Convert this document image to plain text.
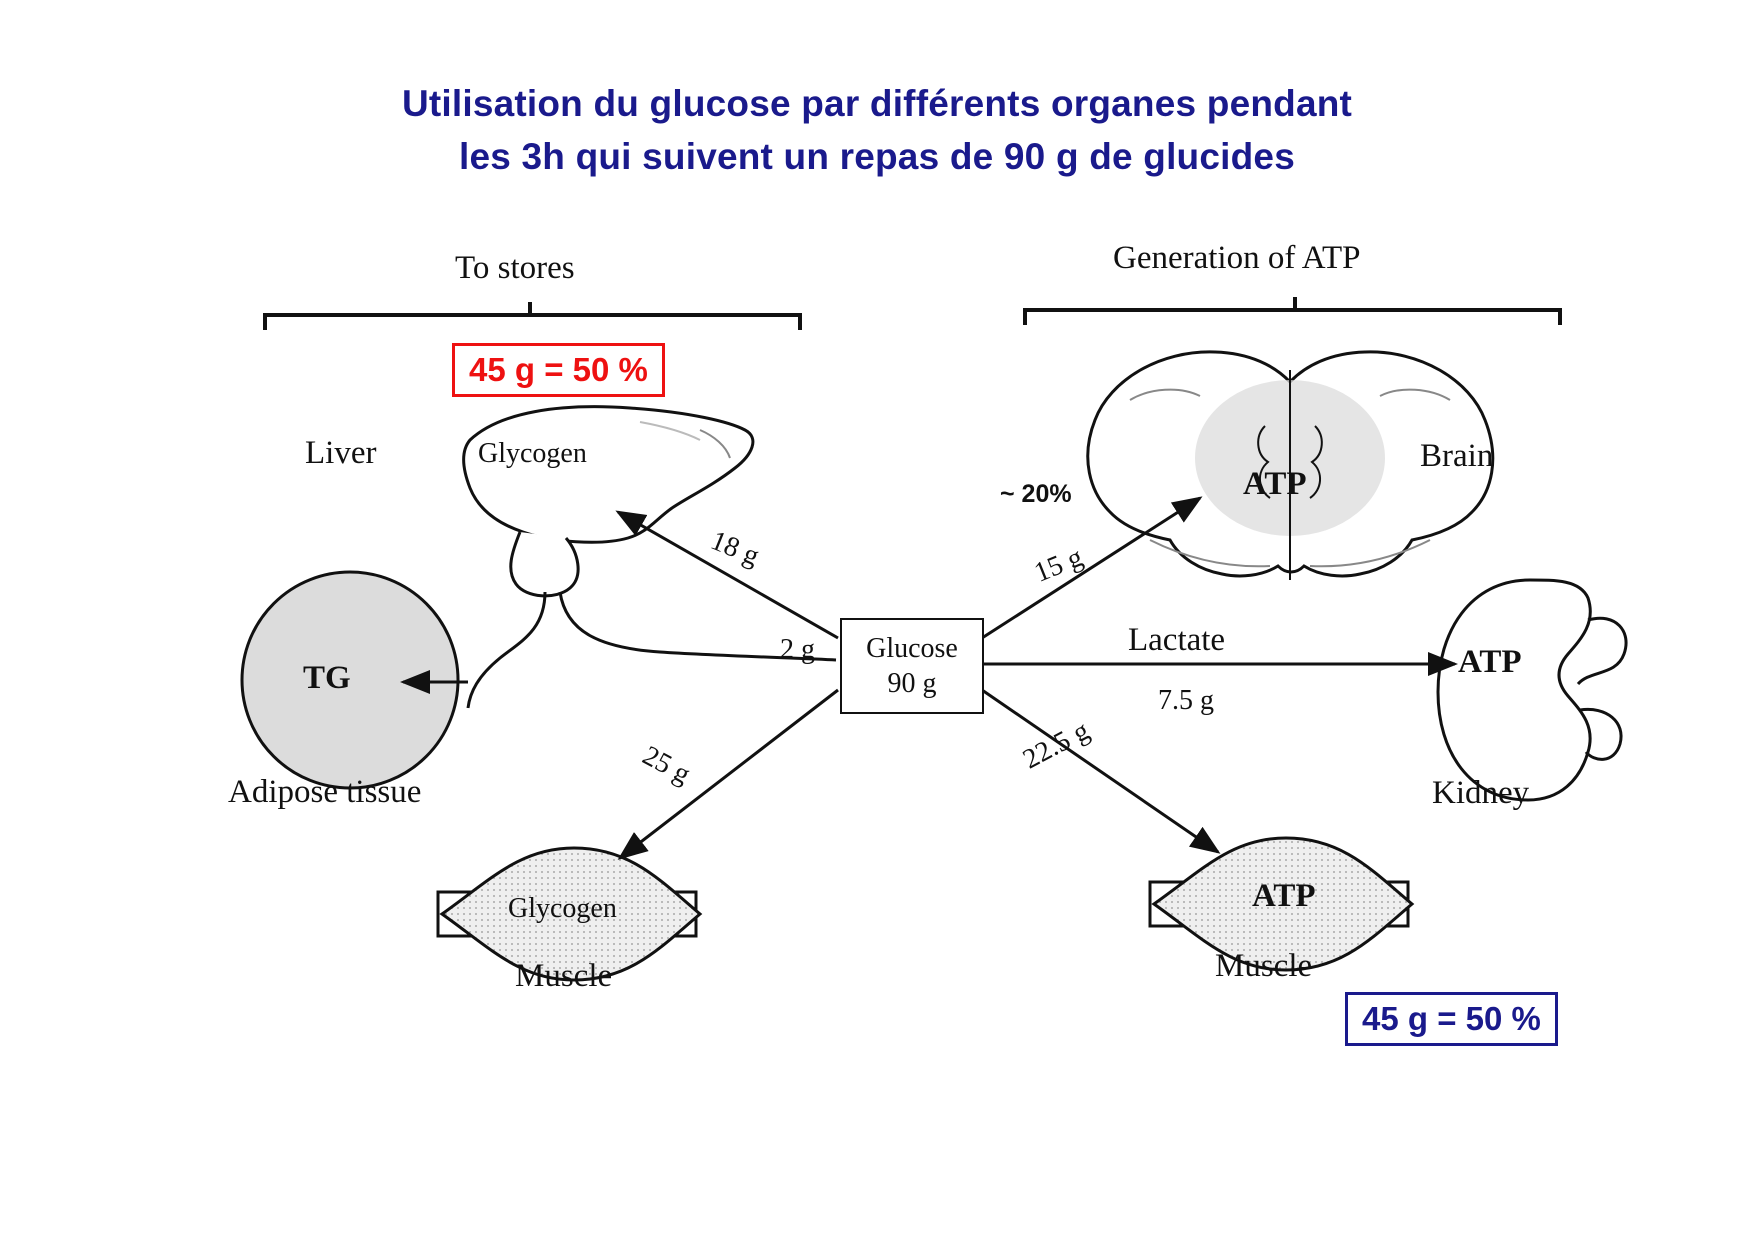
Utilisation du glucose par différents organes pendant
les 3h qui suivent un repas de 90 g de glucides
To stores	Generation of ATP
45 g = 50 %
45 g = 50 %
~ 20%
Glucose
90 g
Liver	Glycogen
TG
Adipose tissue
Glycogen
Muscle
ATP
Brain
ATP
Kidney
ATP
Muscle
18 g
2 g
25 g
15 g
Lactate
7.5 g
22.5 g
